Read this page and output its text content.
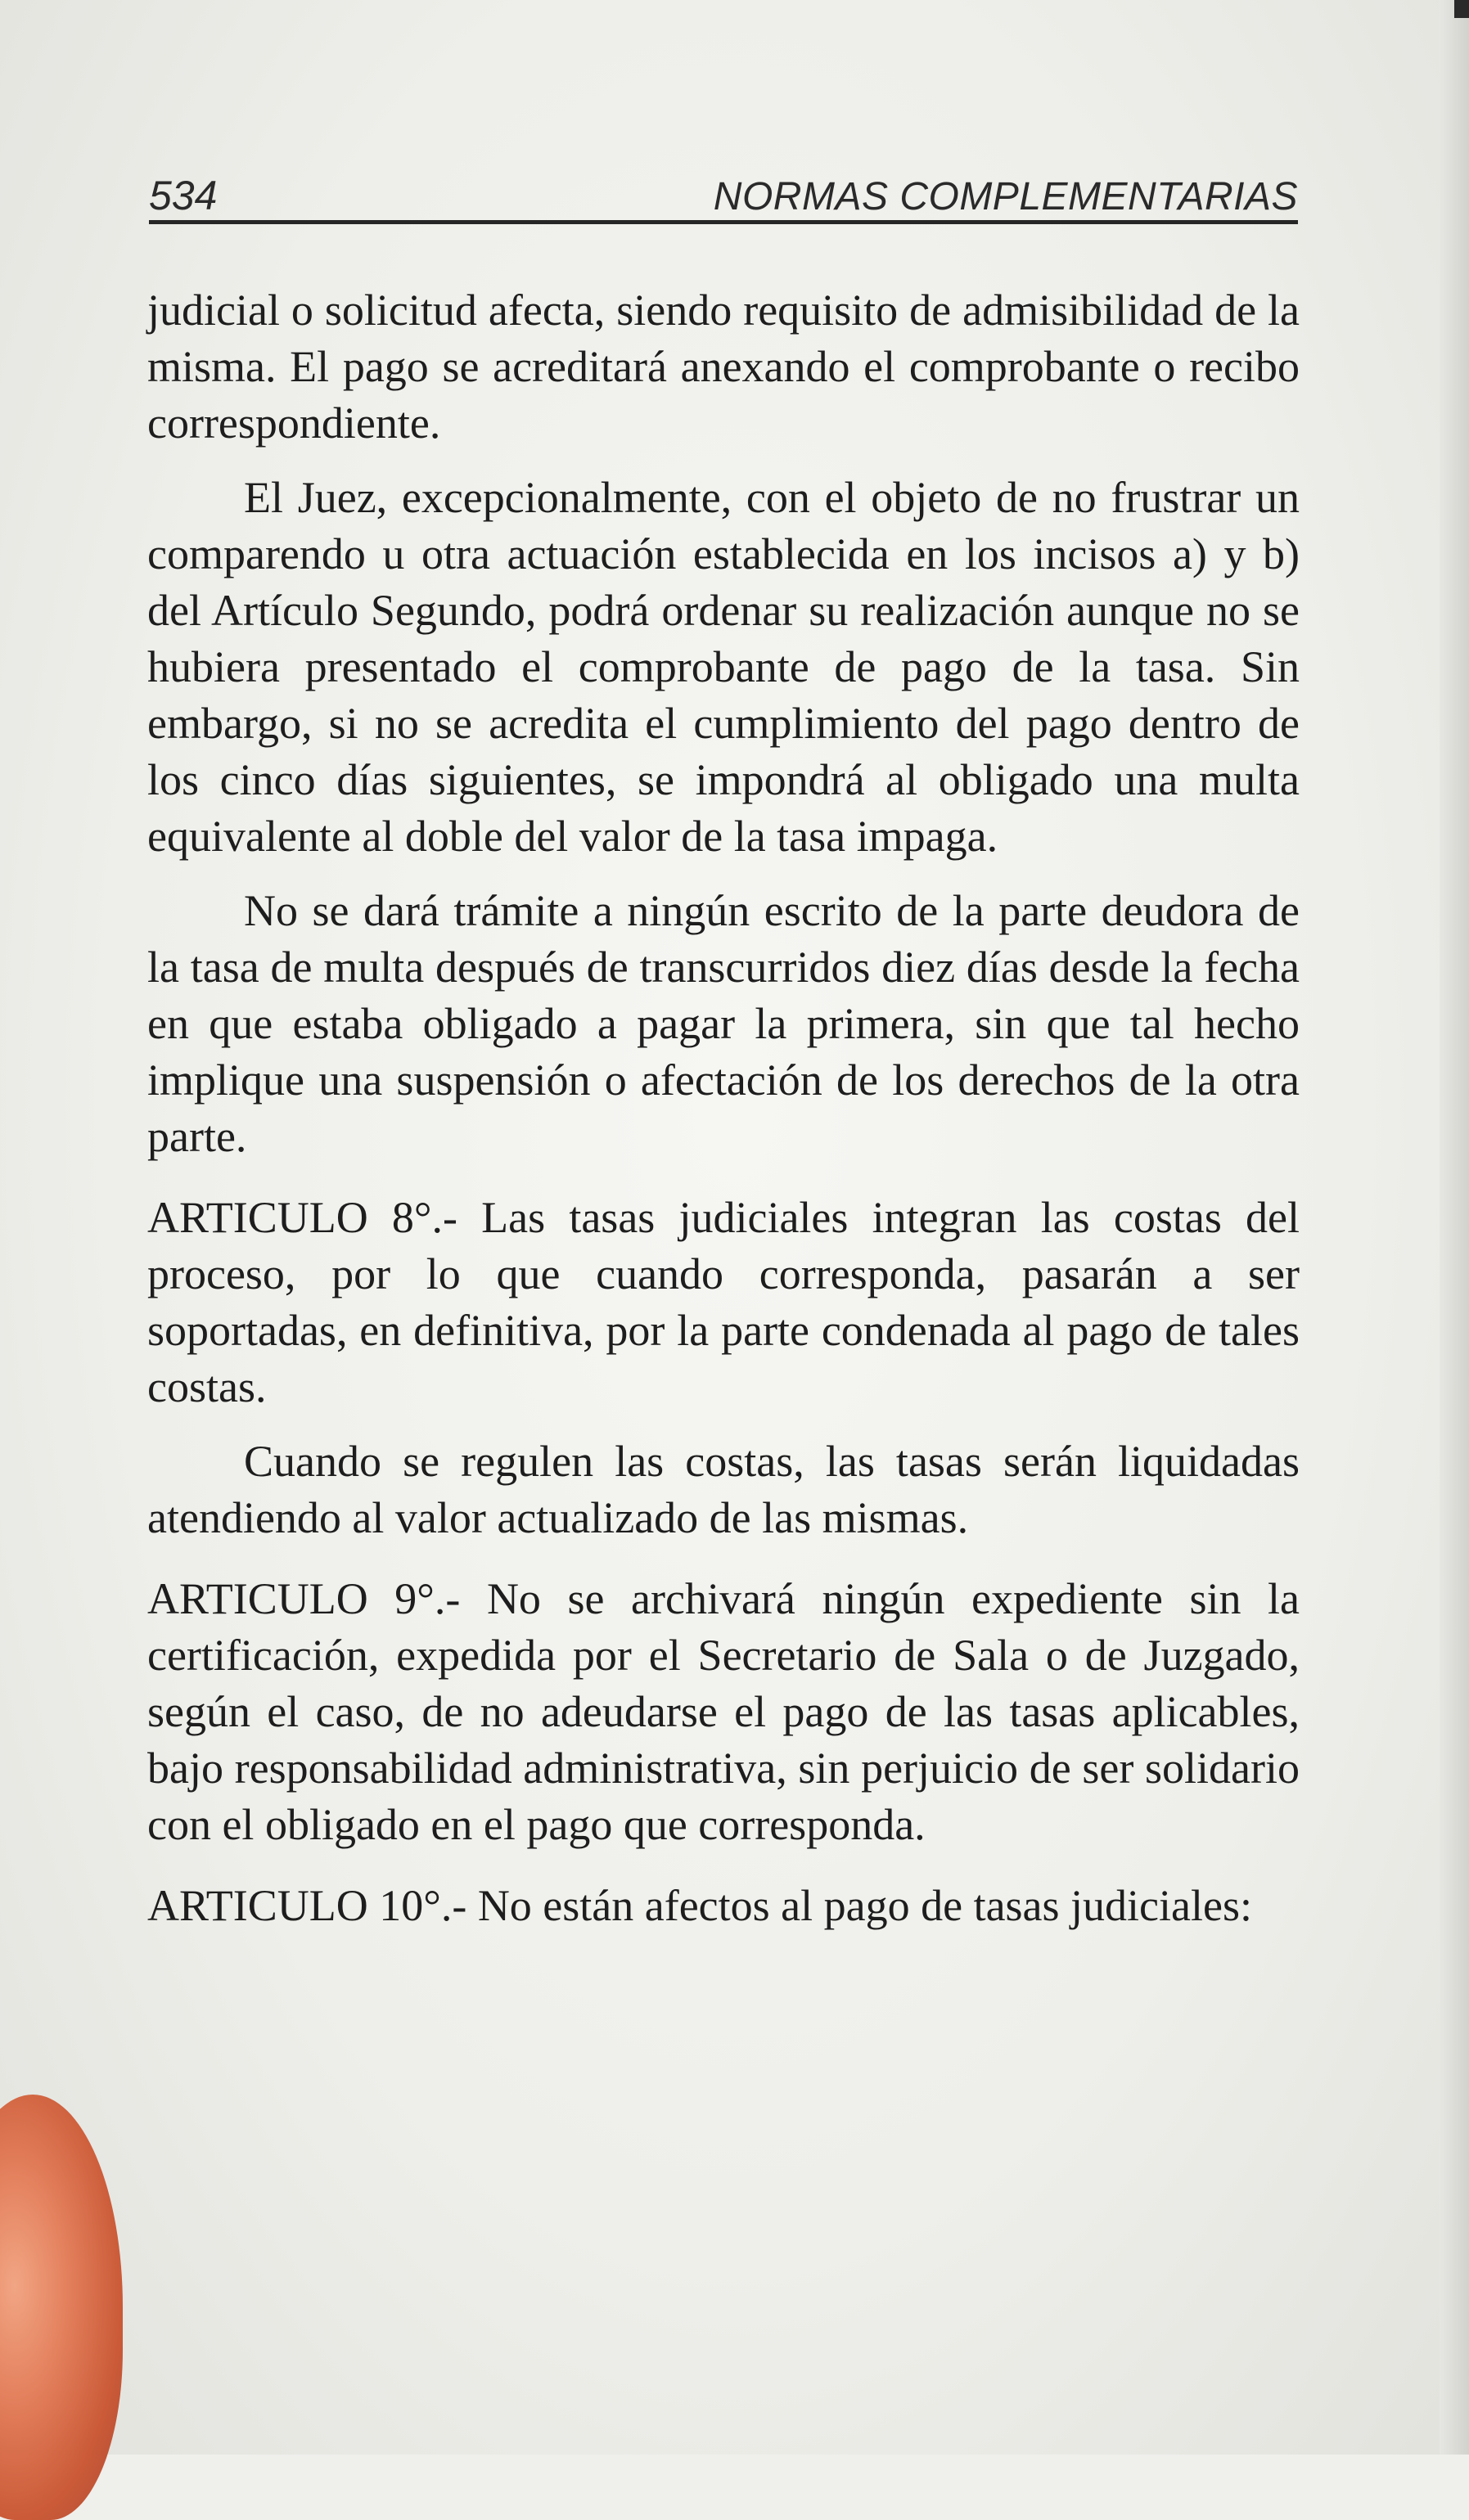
534	NORMAS COMPLEMENTARIAS

judicial o solicitud afecta, siendo requisito de admisibilidad de la misma. El pago se acreditará anexando el comprobante o recibo correspondiente.

El Juez, excepcionalmente, con el objeto de no frustrar un comparendo u otra actuación establecida en los incisos a) y b) del Artículo Segundo, podrá ordenar su realización aunque no se hubiera presentado el comprobante de pago de la tasa. Sin embargo, si no se acredita el cumplimiento del pago dentro de los cinco días siguientes, se impondrá al obligado una multa equivalente al doble del valor de la tasa impaga.

No se dará trámite a ningún escrito de la parte deudora de la tasa de multa después de transcurridos diez días desde la fecha en que estaba obligado a pagar la primera, sin que tal hecho implique una suspensión o afectación de los derechos de la otra parte.

ARTICULO 8°.- Las tasas judiciales integran las costas del proceso, por lo que cuando corresponda, pasarán a ser soportadas, en definitiva, por la parte condenada al pago de tales costas.

Cuando se regulen las costas, las tasas serán liquidadas atendiendo al valor actualizado de las mismas.

ARTICULO 9°.- No se archivará ningún expediente sin la certificación, expedida por el Secretario de Sala o de Juzgado, según el caso, de no adeudarse el pago de las tasas aplicables, bajo responsabilidad administrativa, sin perjuicio de ser solidario con el obligado en el pago que corresponda.

ARTICULO 10°.- No están afectos al pago de tasas judiciales:
